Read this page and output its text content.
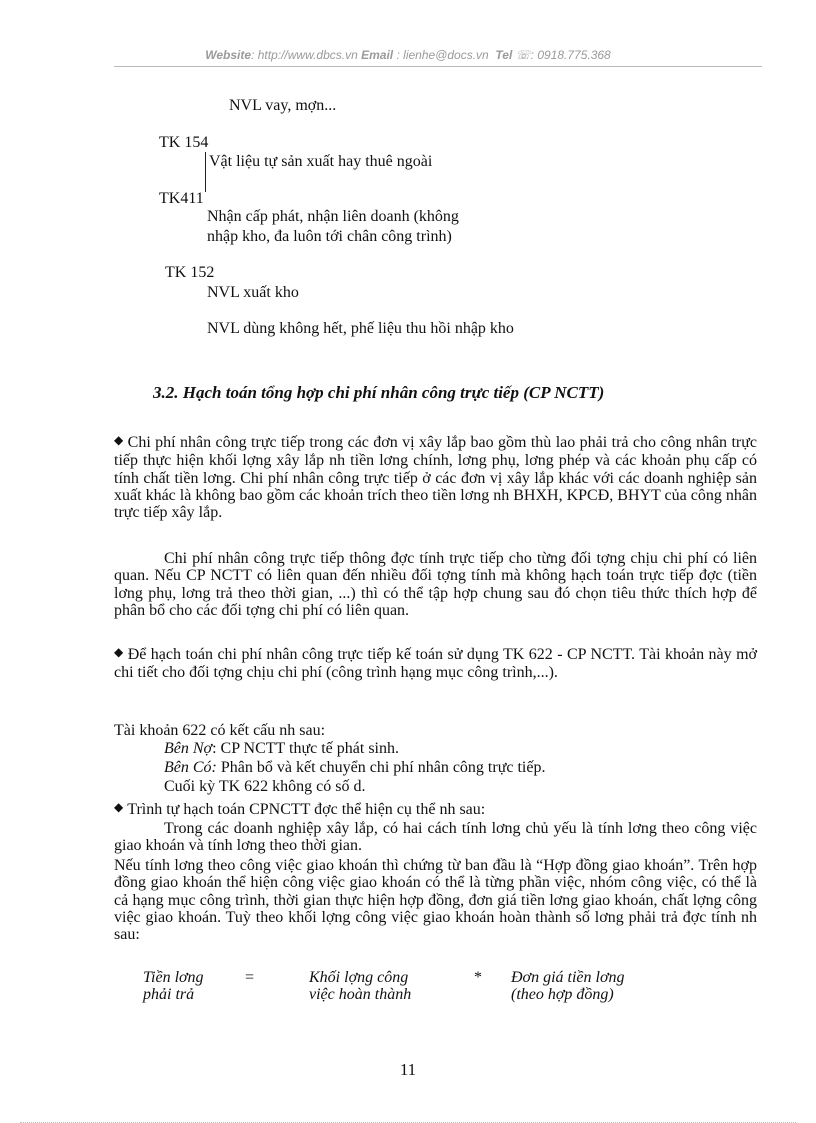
Website: http://www.dbcs.vn Email : lienhe@docs.vn Tel ☏: 0918.775.368
NVL vay, mợn...
TK 154
Vật liệu tự sản xuất hay thuê ngoài
TK411
Nhận cấp phát, nhận liên doanh (không
nhập kho, đa luôn tới chân công trình)
TK 152
NVL xuất kho
NVL dùng không hết, phế liệu thu hồi nhập kho
3.2. Hạch toán tổng hợp chi phí nhân công trực tiếp (CP NCTT)
◆ Chi phí nhân công trực tiếp trong các đơn vị xây lắp bao gồm thù lao phải trả cho công nhân trực tiếp thực hiện khối lợng xây lắp nh tiền lơng chính, lơng phụ, lơng phép và các khoản phụ cấp có tính chất tiền lơng. Chi phí nhân công trực tiếp ở các đơn vị xây lắp khác với các doanh nghiệp sản xuất khác là không bao gồm các khoản trích theo tiền lơng nh BHXH, KPCĐ, BHYT của công nhân trực tiếp xây lắp.
Chi phí nhân công trực tiếp thông đợc tính trực tiếp cho từng đối tợng chịu chi phí có liên quan. Nếu CP NCTT có liên quan đến nhiều đối tợng tính mà không hạch toán trực tiếp đợc (tiền lơng phụ, lơng trả theo thời gian, ...) thì có thể tập hợp chung sau đó chọn tiêu thức thích hợp để phân bổ cho các đối tợng chi phí có liên quan.
◆ Để hạch toán chi phí nhân công trực tiếp kế toán sử dụng TK 622 - CP NCTT. Tài khoản này mở chi tiết cho đối tợng chịu chi phí (công trình hạng mục công trình,...).
Tài khoản 622 có kết cấu nh sau:
Bên Nợ: CP NCTT thực tế phát sinh.
Bên Có: Phân bổ và kết chuyển chi phí nhân công trực tiếp.
Cuối kỳ TK 622 không có số d.
◆ Trình tự hạch toán CPNCTT đợc thể hiện cụ thể nh sau:
Trong các doanh nghiệp xây lắp, có hai cách tính lơng chủ yếu là tính lơng theo công việc giao khoán và tính lơng theo thời gian.
Nếu tính lơng theo công việc giao khoán thì chứng từ ban đầu là “Hợp đồng giao khoán”. Trên hợp đồng giao khoán thể hiện công việc giao khoán có thể là từng phần việc, nhóm công việc, có thể là cả hạng mục công trình, thời gian thực hiện hợp đồng, đơn giá tiền lơng giao khoán, chất lợng công việc giao khoán. Tuỳ theo khối lợng công việc giao khoán hoàn thành số lơng phải trả đợc tính nh sau:
Tiền lơng
phải trả
=	Khối lợng công
việc hoàn thành
* Đơn giá tiền lơng
(theo hợp đồng)
11
